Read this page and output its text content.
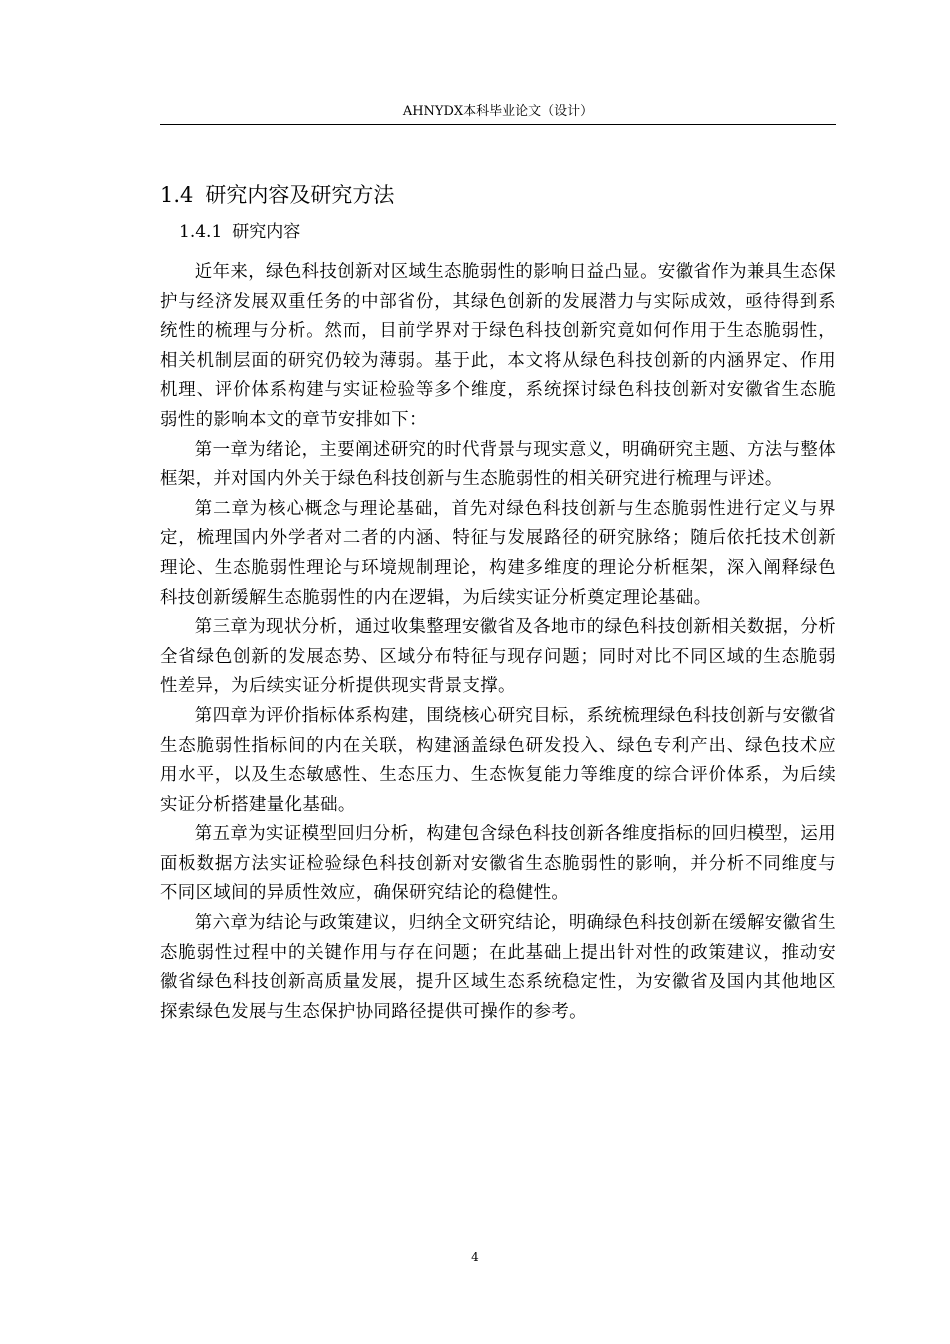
AHNYDX本科毕业论文（设计）
1.4 研究内容及研究方法
1.4.1 研究内容

近年来，绿色科技创新对区域生态脆弱性的影响日益凸显。安徽省作为兼具生态保护与经济发展双重任务的中部省份，其绿色创新的发展潜力与实际成效，亟待得到系统性的梳理与分析。然而，目前学界对于绿色科技创新究竟如何作用于生态脆弱性，相关机制层面的研究仍较为薄弱。基于此，本文将从绿色科技创新的内涵界定、作用机理、评价体系构建与实证检验等多个维度，系统探讨绿色科技创新对安徽省生态脆弱性的影响本文的章节安排如下：

第一章为绪论，主要阐述研究的时代背景与现实意义，明确研究主题、方法与整体框架，并对国内外关于绿色科技创新与生态脆弱性的相关研究进行梳理与评述。

第二章为核心概念与理论基础，首先对绿色科技创新与生态脆弱性进行定义与界定，梳理国内外学者对二者的内涵、特征与发展路径的研究脉络；随后依托技术创新理论、生态脆弱性理论与环境规制理论，构建多维度的理论分析框架，深入阐释绿色科技创新缓解生态脆弱性的内在逻辑，为后续实证分析奠定理论基础。

第三章为现状分析，通过收集整理安徽省及各地市的绿色科技创新相关数据，分析全省绿色创新的发展态势、区域分布特征与现存问题；同时对比不同区域的生态脆弱性差异，为后续实证分析提供现实背景支撑。

第四章为评价指标体系构建，围绕核心研究目标，系统梳理绿色科技创新与安徽省生态脆弱性指标间的内在关联，构建涵盖绿色研发投入、绿色专利产出、绿色技术应用水平，以及生态敏感性、生态压力、生态恢复能力等维度的综合评价体系，为后续实证分析搭建量化基础。

第五章为实证模型回归分析，构建包含绿色科技创新各维度指标的回归模型，运用面板数据方法实证检验绿色科技创新对安徽省生态脆弱性的影响，并分析不同维度与不同区域间的异质性效应，确保研究结论的稳健性。

第六章为结论与政策建议，归纳全文研究结论，明确绿色科技创新在缓解安徽省生态脆弱性过程中的关键作用与存在问题；在此基础上提出针对性的政策建议，推动安徽省绿色科技创新高质量发展，提升区域生态系统稳定性，为安徽省及国内其他地区探索绿色发展与生态保护协同路径提供可操作的参考。

4
